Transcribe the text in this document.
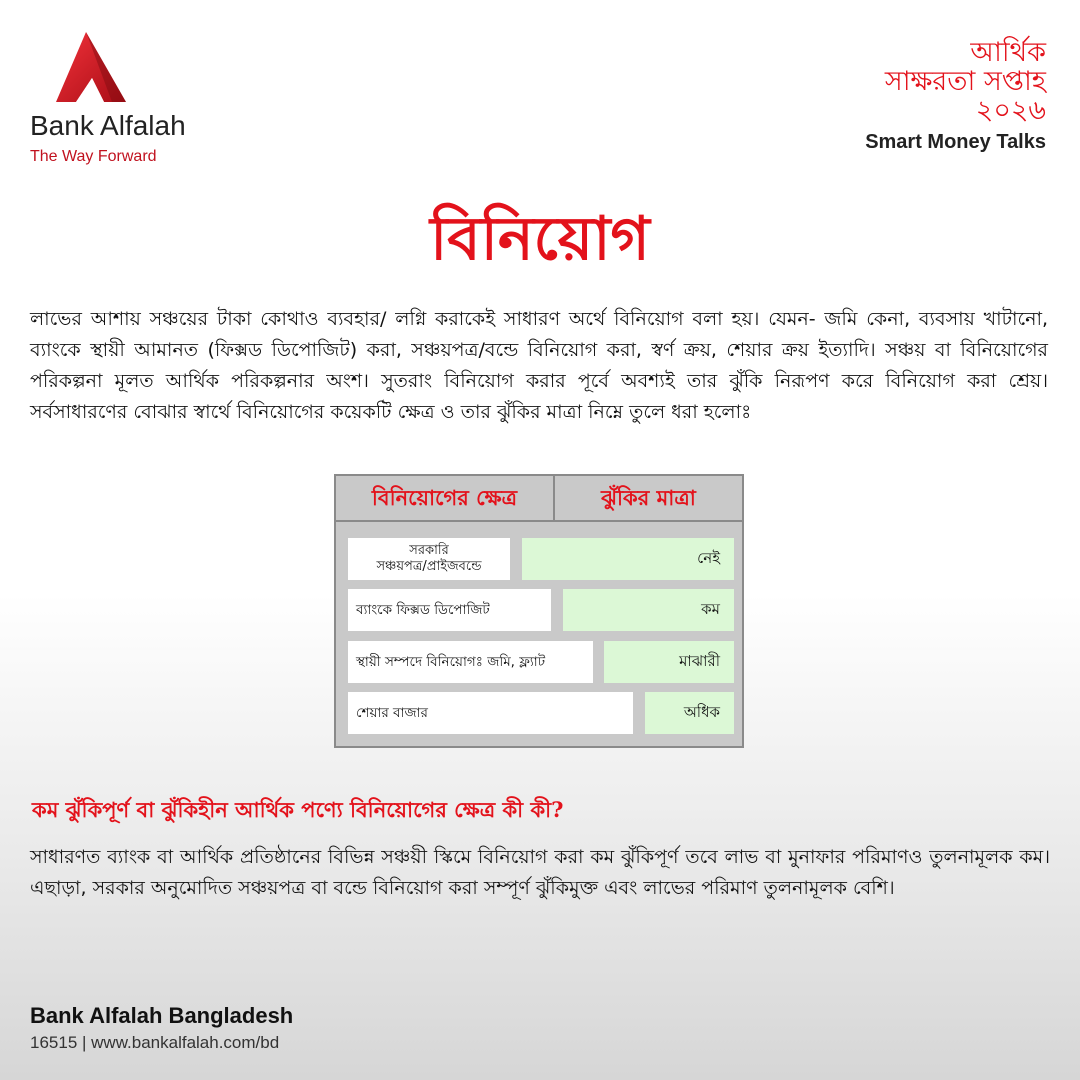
Bank Alfalah
The Way Forward
আর্থিক
সাক্ষরতা সপ্তাহ
২০২৬
Smart Money Talks
বিনিয়োগ
লাভের আশায় সঞ্চয়ের টাকা কোথাও ব্যবহার/ লগ্নি করাকেই সাধারণ অর্থে বিনিয়োগ বলা হয়। যেমন- জমি কেনা, ব্যবসায় খাটানো, ব্যাংকে স্থায়ী আমানত (ফিক্সড ডিপোজিট) করা, সঞ্চয়পত্র/বন্ডে বিনিয়োগ করা, স্বর্ণ ক্রয়, শেয়ার ক্রয় ইত্যাদি। সঞ্চয় বা বিনিয়োগের পরিকল্পনা মূলত আর্থিক পরিকল্পনার অংশ। সুতরাং বিনিয়োগ করার পূর্বে অবশ্যই তার ঝুঁকি নিরূপণ করে বিনিয়োগ করা শ্রেয়। সর্বসাধারণের বোঝার স্বার্থে বিনিয়োগের কয়েকটি ক্ষেত্র ও তার ঝুঁকির মাত্রা নিম্নে তুলে ধরা হলোঃ
বিনিয়োগের ক্ষেত্র	ঝুঁকির মাত্রা
সরকারি
সঞ্চয়পত্র/প্রাইজবন্ডে	নেই
ব্যাংকে ফিক্সড ডিপোজিট	কম
স্থায়ী সম্পদে বিনিয়োগঃ জমি, ফ্ল্যাট	মাঝারী
শেয়ার বাজার	অধিক
কম ঝুঁকিপূর্ণ বা ঝুঁকিহীন আর্থিক পণ্যে বিনিয়োগের ক্ষেত্র কী কী?
সাধারণত ব্যাংক বা আর্থিক প্রতিষ্ঠানের বিভিন্ন সঞ্চয়ী স্কিমে বিনিয়োগ করা কম ঝুঁকিপূর্ণ তবে লাভ বা মুনাফার পরিমাণও তুলনামূলক কম। এছাড়া, সরকার অনুমোদিত সঞ্চয়পত্র বা বন্ডে বিনিয়োগ করা সম্পূর্ণ ঝুঁকিমুক্ত এবং লাভের পরিমাণ তুলনামূলক বেশি।
Bank Alfalah Bangladesh
16515 | www.bankalfalah.com/bd
